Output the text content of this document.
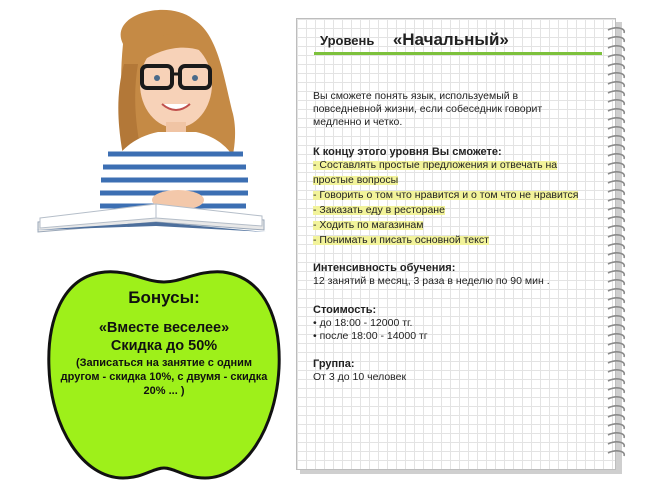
Бонусы:
«Вместе веселее»
Скидка до 50%
(Записаться на занятие с одним другом - скидка 10%, с двумя - скидка 20% ... )
Уровень «Начальный»
Вы сможете понять язык, используемый в повседневной жизни, если собеседник говорит медленно и четко.
К концу этого уровня Вы сможете:
- Составлять простые предложения и отвечать на
простые вопросы
- Говорить о том что нравится и о том что не нравится
- Заказать еду в ресторане
- Ходить по магазинам
- Понимать и писать основной текст
Интенсивность обучения:
12 занятий в месяц, 3 раза в неделю по 90 мин .
Стоимость:
• до 18:00 - 12000 тг.
• после 18:00 - 14000 тг
Группа:
От 3 до 10 человек
